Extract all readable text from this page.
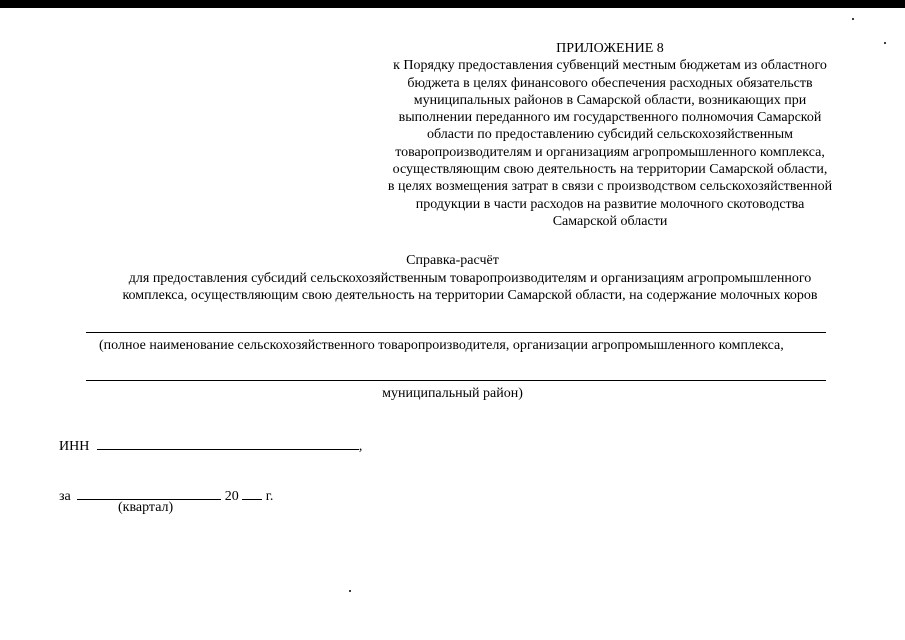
ПРИЛОЖЕНИЕ 8
к Порядку предоставления субвенций местным бюджетам из областного
бюджета в целях финансового обеспечения расходных обязательств
муниципальных районов в Самарской области, возникающих при
выполнении переданного им государственного полномочия Самарской
области по предоставлению субсидий сельскохозяйственным
товаропроизводителям и организациям агропромышленного комплекса,
осуществляющим свою деятельность на территории Самарской области,
в целях возмещения затрат в связи с производством сельскохозяйственной
продукции в части расходов на развитие молочного скотоводства
Самарской области
Справка-расчёт
для предоставления субсидий сельскохозяйственным товаропроизводителям и организациям агропромышленного
комплекса, осуществляющим свою деятельность на территории Самарской области, на содержание молочных коров
(полное наименование сельскохозяйственного товаропроизводителя, организации агропромышленного комплекса,
муниципальный район)
ИНН	,
за	20 г.
(квартал)
